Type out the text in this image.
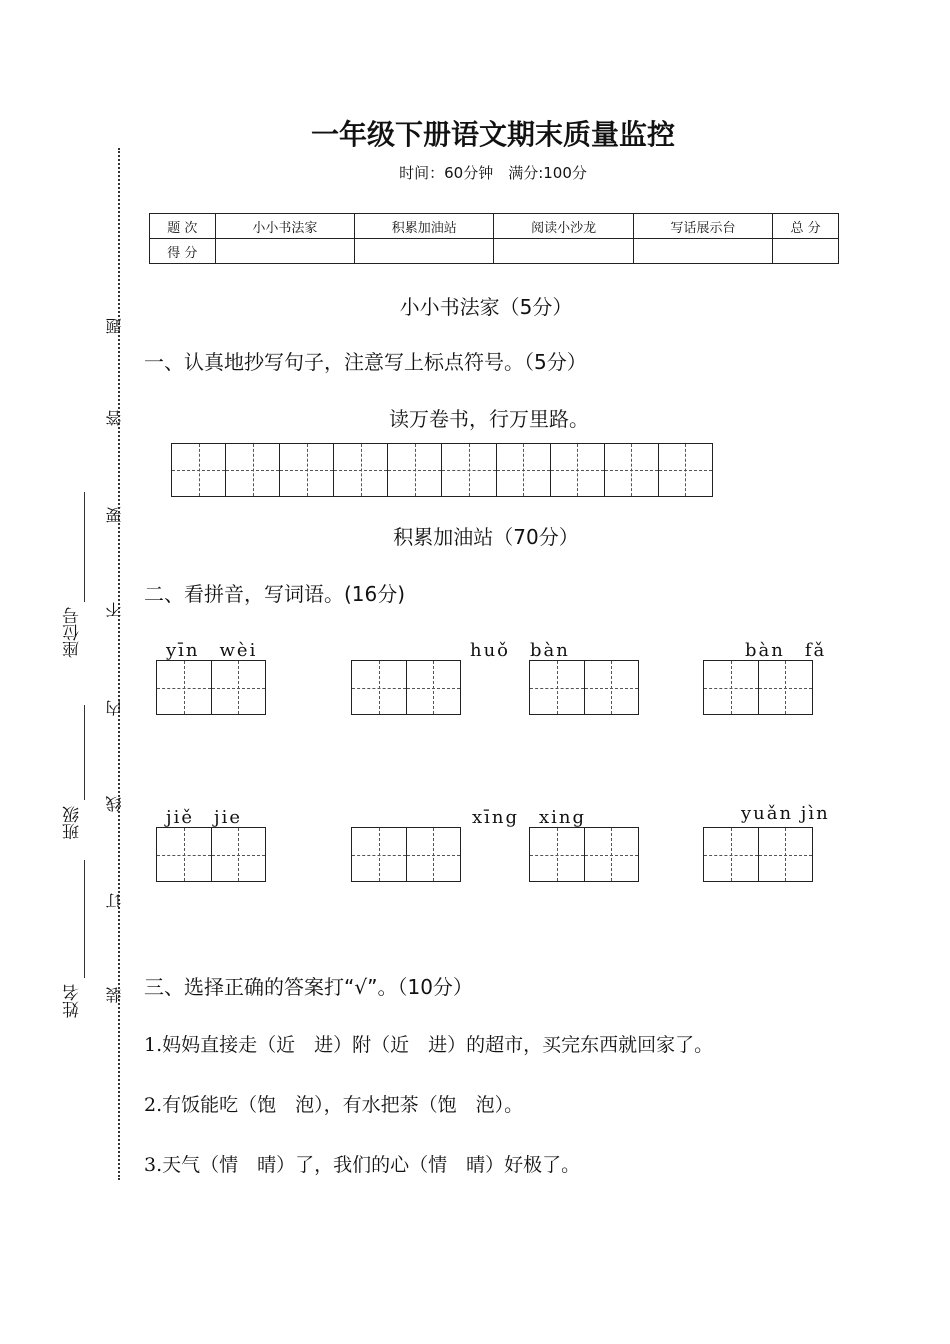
题
答
要
不
内
线
订
装
座位号
班级
姓名
一年级下册语文期末质量监控
时间：60分钟　满分:100分
题 次	小小书法家	积累加油站	阅读小沙龙	写话展示台	总 分
得 分					
小小书法家（5分）
一、认真地抄写句子，注意写上标点符号。（5分）
读万卷书，行万里路。
积累加油站（70分）
二、看拼音，写词语。(16分)
yīn　wèi	huǒ　bàn	bàn　fǎ
jiě　jie	xīng　xing	yuǎn jìn
三、选择正确的答案打“√”。（10分）
1.妈妈直接走（近　进）附（近　进）的超市，买完东西就回家了。
2.有饭能吃（饱　泡），有水把茶（饱　泡）。
3.天气（情　晴）了，我们的心（情　晴）好极了。
